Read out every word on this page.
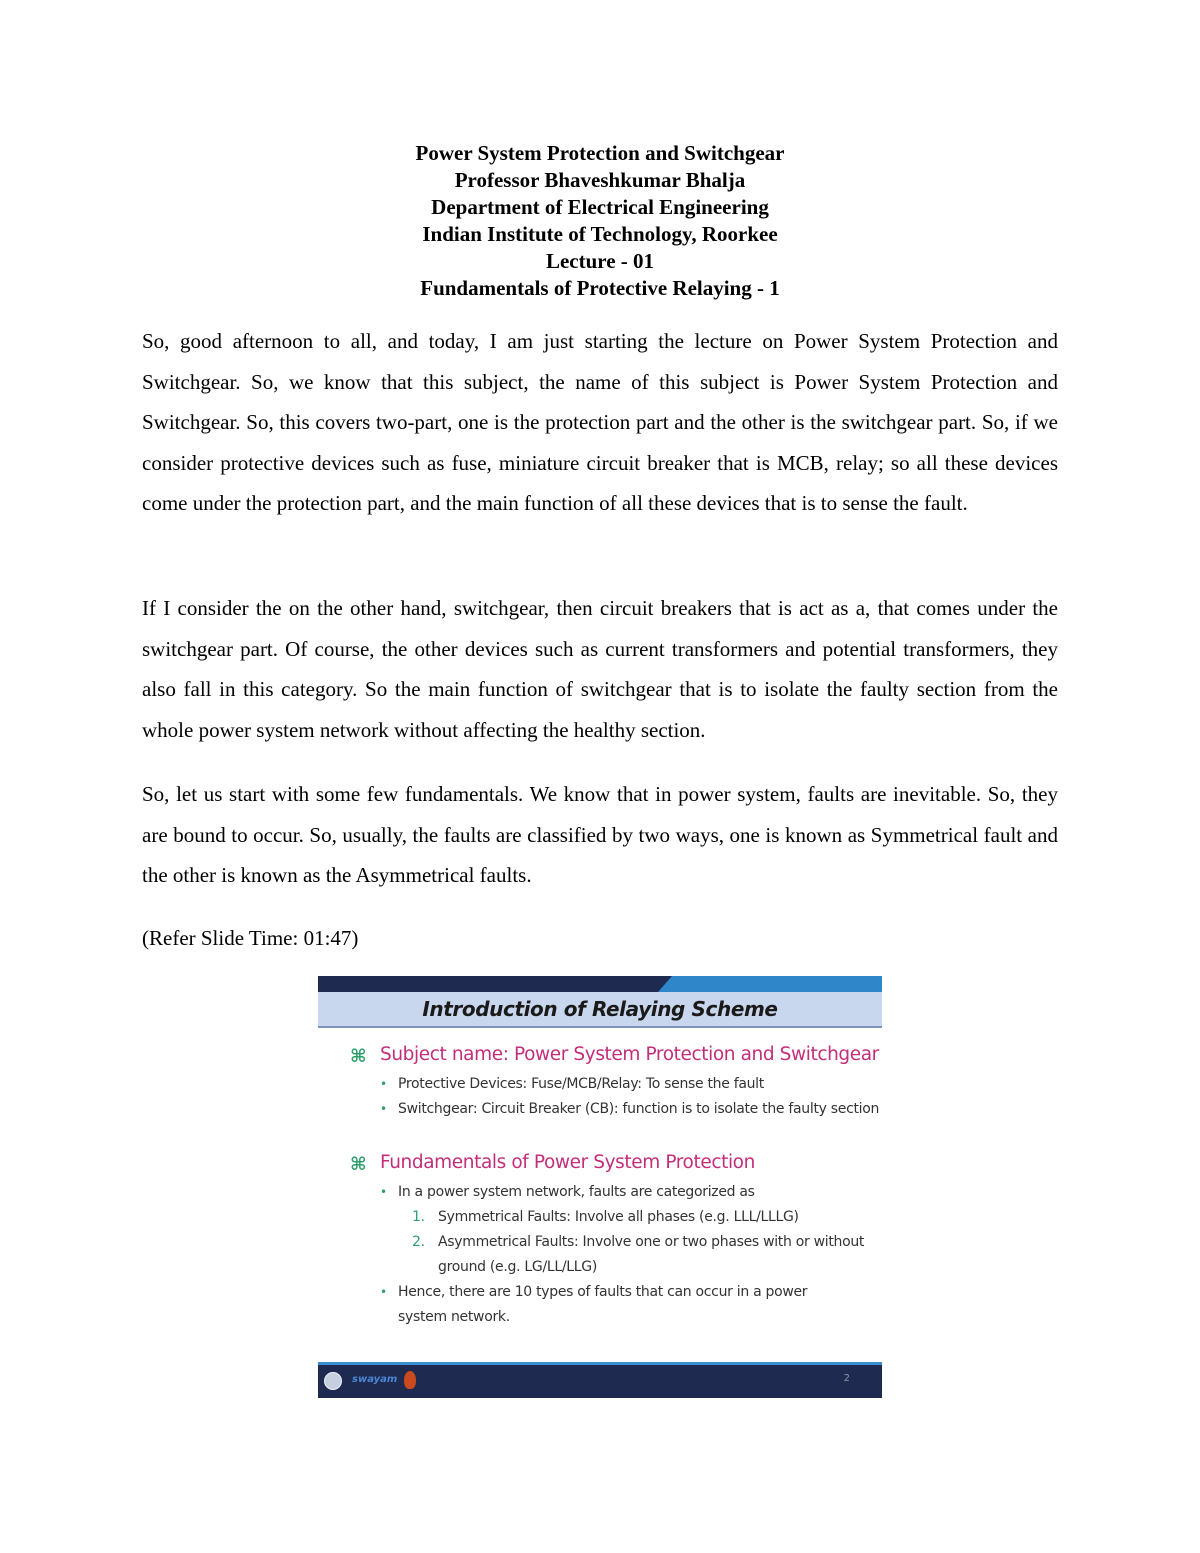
Power System Protection and Switchgear
Professor Bhaveshkumar Bhalja
Department of Electrical Engineering
Indian Institute of Technology, Roorkee
Lecture - 01
Fundamentals of Protective Relaying - 1

So, good afternoon to all, and today, I am just starting the lecture on Power System Protection and Switchgear. So, we know that this subject, the name of this subject is Power System Protection and Switchgear. So, this covers two-part, one is the protection part and the other is the switchgear part. So, if we consider protective devices such as fuse, miniature circuit breaker that is MCB, relay; so all these devices come under the protection part, and the main function of all these devices that is to sense the fault.

If I consider the on the other hand, switchgear, then circuit breakers that is act as a, that comes under the switchgear part. Of course, the other devices such as current transformers and potential transformers, they also fall in this category. So the main function of switchgear that is to isolate the faulty section from the whole power system network without affecting the healthy section.

So, let us start with some few fundamentals. We know that in power system, faults are inevitable. So, they are bound to occur. So, usually, the faults are classified by two ways, one is known as Symmetrical fault and the other is known as the Asymmetrical faults.

(Refer Slide Time: 01:47)

Introduction of Relaying Scheme
⌘ Subject name: Power System Protection and Switchgear
• Protective Devices: Fuse/MCB/Relay: To sense the fault
• Switchgear: Circuit Breaker (CB): function is to isolate the faulty section
⌘ Fundamentals of Power System Protection
• In a power system network, faults are categorized as
1. Symmetrical Faults: Involve all phases (e.g. LLL/LLLG)
2. Asymmetrical Faults: Involve one or two phases with or without ground (e.g. LG/LL/LLG)
• Hence, there are 10 types of faults that can occur in a power system network.
swayam	2
